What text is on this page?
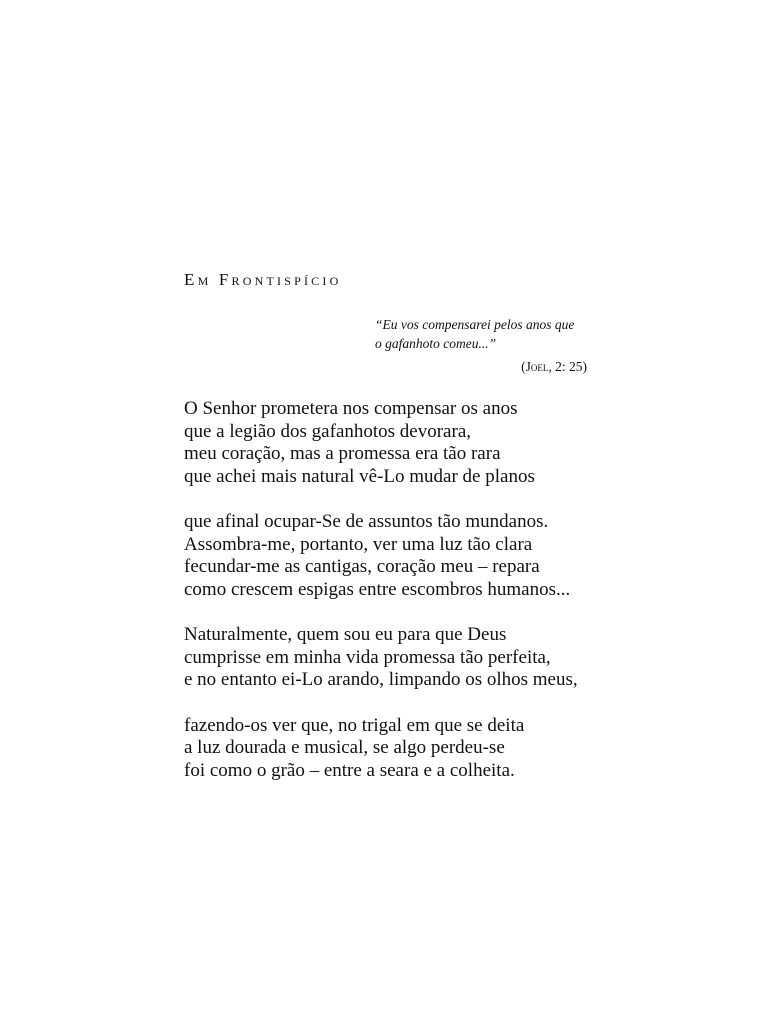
Em Frontispício
“Eu vos compensarei pelos anos que
o gafanhoto comeu...”
(Joel, 2: 25)
O Senhor prometera nos compensar os anos
que a legião dos gafanhotos devorara,
meu coração, mas a promessa era tão rara
que achei mais natural vê-Lo mudar de planos
que afinal ocupar-Se de assuntos tão mundanos.
Assombra-me, portanto, ver uma luz tão clara
fecundar-me as cantigas, coração meu – repara
como crescem espigas entre escombros humanos...
Naturalmente, quem sou eu para que Deus
cumprisse em minha vida promessa tão perfeita,
e no entanto ei-Lo arando, limpando os olhos meus,
fazendo-os ver que, no trigal em que se deita
a luz dourada e musical, se algo perdeu-se
foi como o grão – entre a seara e a colheita.
